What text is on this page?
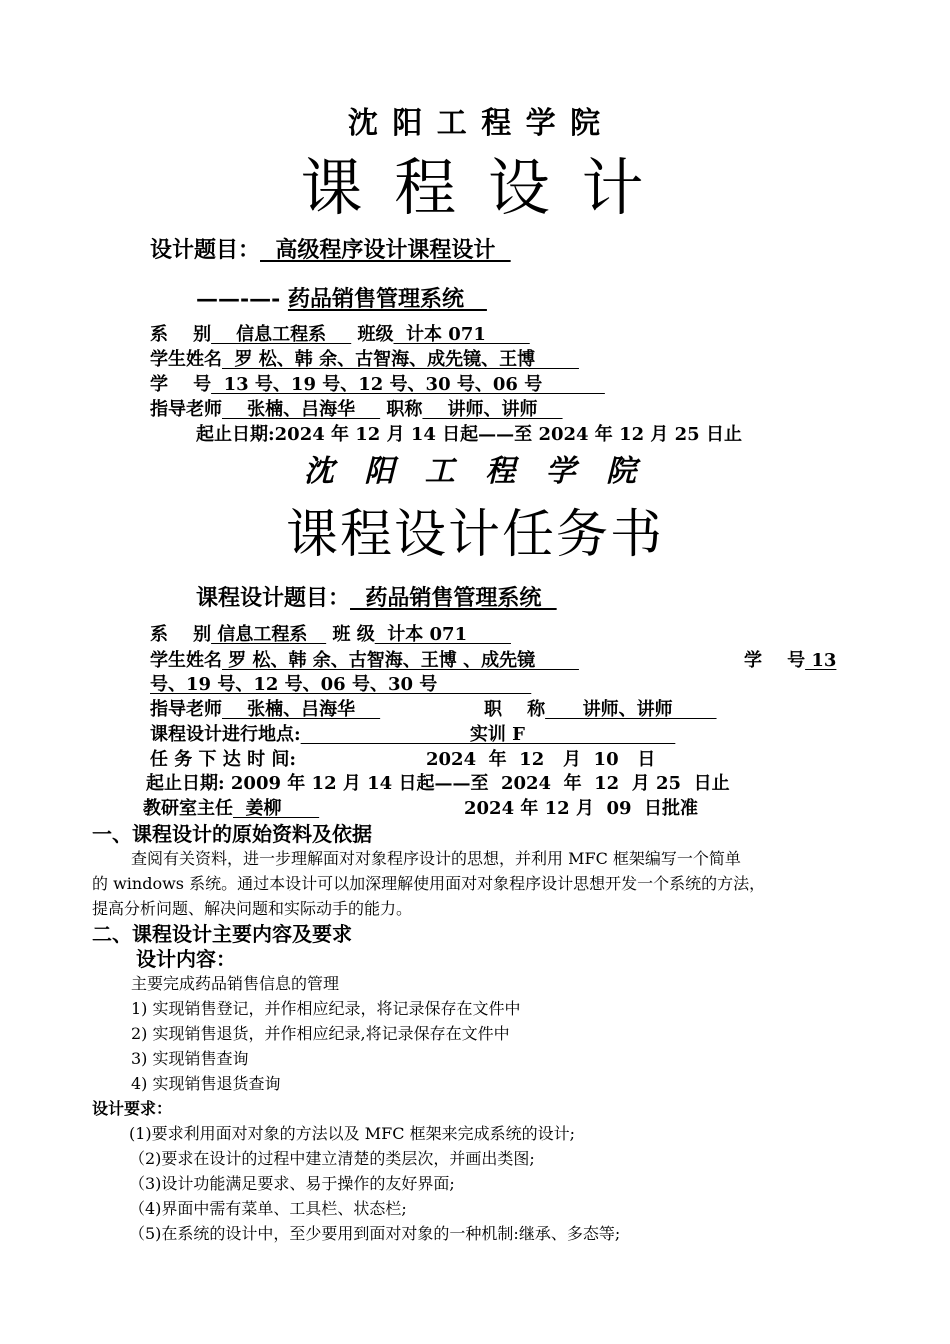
沈 阳 工 程 学 院
课 程 设 计
设计题目：  高级程序设计课程设计
——-—- 药品销售管理系统
系    别    信息工程系     班级  计本 071
学生姓名  罗 松、韩 余、古智海、成先镜、王博
学    号  13 号、19 号、12 号、30 号、06 号
指导老师    张楠、吕海华     职称    讲师、讲师
起止日期:2024 年 12 月 14 日起——至 2024 年 12 月 25 日止
沈 阳 工 程 学 院
课程设计任务书
课程设计题目：  药品销售管理系统
系    别 信息工程系    班 级  计本 071
学生姓名 罗 松、韩 余、古智海、王博 、成先镜	学    号 13
号、19 号、12 号、06 号、30 号
指导老师    张楠、吕海华	职    称      讲师、讲师
课程设计进行地点:                           实训 F
任 务 下 达 时 间:	2024  年  12   月  10   日
起止日期: 2009 年 12 月 14 日起——至  2024  年  12  月 25  日止
教研室主任  姜柳	2024 年 12 月  09  日批准
一、课程设计的原始资料及依据
查阅有关资料，进一步理解面对对象程序设计的思想，并利用 MFC 框架编写一个简单
的 windows 系统。通过本设计可以加深理解使用面对对象程序设计思想开发一个系统的方法，
提高分析问题、解决问题和实际动手的能力。
二、课程设计主要内容及要求
设计内容：
主要完成药品销售信息的管理
1) 实现销售登记，并作相应纪录，将记录保存在文件中
2) 实现销售退货，并作相应纪录,将记录保存在文件中
3) 实现销售查询
4) 实现销售退货查询
设计要求：
(1)要求利用面对对象的方法以及 MFC 框架来完成系统的设计;
（2)要求在设计的过程中建立清楚的类层次，并画出类图;
（3)设计功能满足要求、易于操作的友好界面;
（4)界面中需有菜单、工具栏、状态栏;
（5)在系统的设计中，至少要用到面对对象的一种机制:继承、多态等;
